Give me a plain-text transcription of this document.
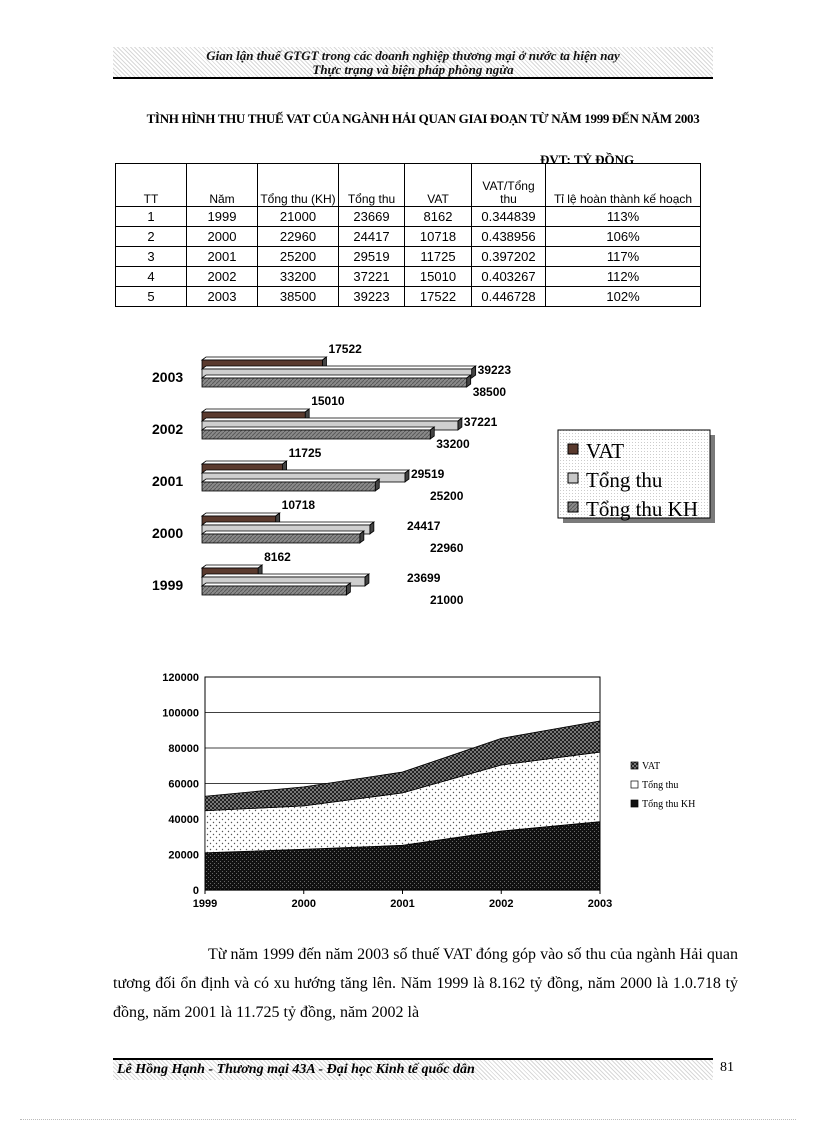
Gian lận thuế GTGT trong các doanh nghiệp thương mại ở nước ta hiện nay
Thực trạng và biện pháp phòng ngừa
TÌNH HÌNH THU THUẾ VAT CỦA NGÀNH HẢI QUAN GIAI ĐOẠN TỪ NĂM 1999 ĐẾN NĂM 2003
ĐVT: TỶ ĐỒNG
TT	Năm	Tổng thu (KH)	Tổng thu	VAT	VAT/Tổng thu	Tỉ lệ hoàn thành kế hoạch
1	1999	21000	23669	8162	0.344839	113%
2	2000	22960	24417	10718	0.438956	106%
3	2001	25200	29519	11725	0.397202	117%
4	2002	33200	37221	15010	0.403267	112%
5	2003	38500	39223	17522	0.446728	102%
2003
17522
39223
38500
2002
15010
37221
33200
2001
11725
29519
25200
2000
10718
24417
22960
1999
8162
23699
21000
VAT
Tổng thu
Tổng thu KH
0
20000
40000
60000
80000
100000
120000
1999	2000	2001	2002	2003
VAT
Tổng thu
Tổng thu KH

Từ năm 1999 đến năm 2003 số thuế VAT đóng góp vào số thu của ngành Hải quan tương đối ổn định và có xu hướng tăng lên. Năm 1999 là 8.162 tỷ đồng, năm 2000 là 1.0.718 tỷ đồng, năm 2001 là 11.725 tỷ đồng, năm 2002 là

Lê Hồng Hạnh - Thương mại 43A - Đại học Kinh tế quốc dân	81
